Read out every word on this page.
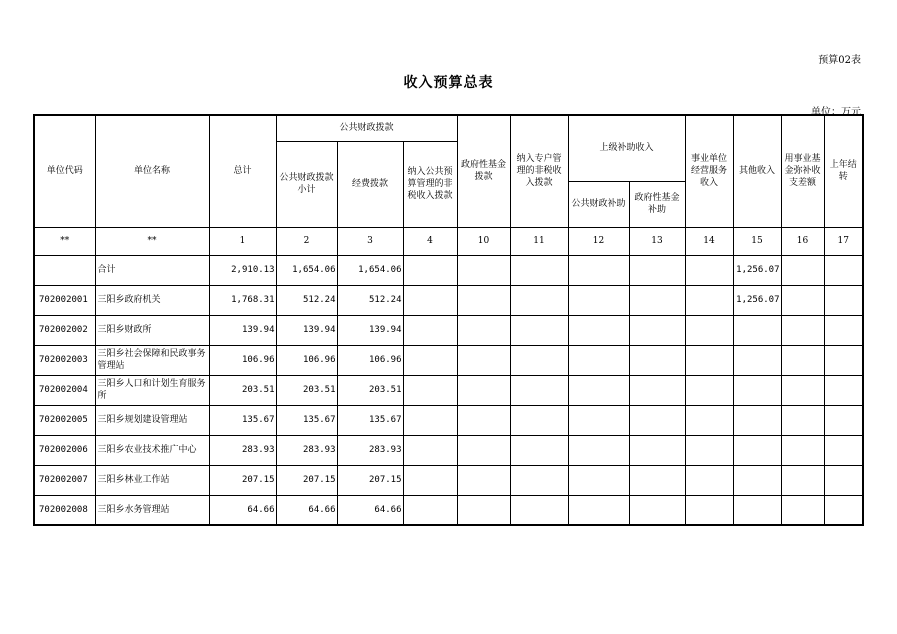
预算02表
收入预算总表
单位：万元
单位代码	单位名称	总计	公共财政拨款			政府性基金拨款	纳入专户管理的非税收入拨款	上级补助收入		事业单位经营服务收入	其他收入	用事业基金弥补收支差额	上年结转
			公共财政拨款小计	经费拨款	纳入公共预算管理的非税收入拨款								
								公共财政补助	政府性基金补助				
**	**	1	2	3	4	10	11	12	13	14	15	16	17
	合计	2,910.13	1,654.06	1,654.06							1,256.07		
702002001	三阳乡政府机关	1,768.31	512.24	512.24							1,256.07		
702002002	三阳乡财政所	139.94	139.94	139.94									
702002003	三阳乡社会保障和民政事务管理站	106.96	106.96	106.96									
702002004	三阳乡人口和计划生育服务所	203.51	203.51	203.51									
702002005	三阳乡规划建设管理站	135.67	135.67	135.67									
702002006	三阳乡农业技术推广中心	283.93	283.93	283.93									
702002007	三阳乡林业工作站	207.15	207.15	207.15									
702002008	三阳乡水务管理站	64.66	64.66	64.66									
